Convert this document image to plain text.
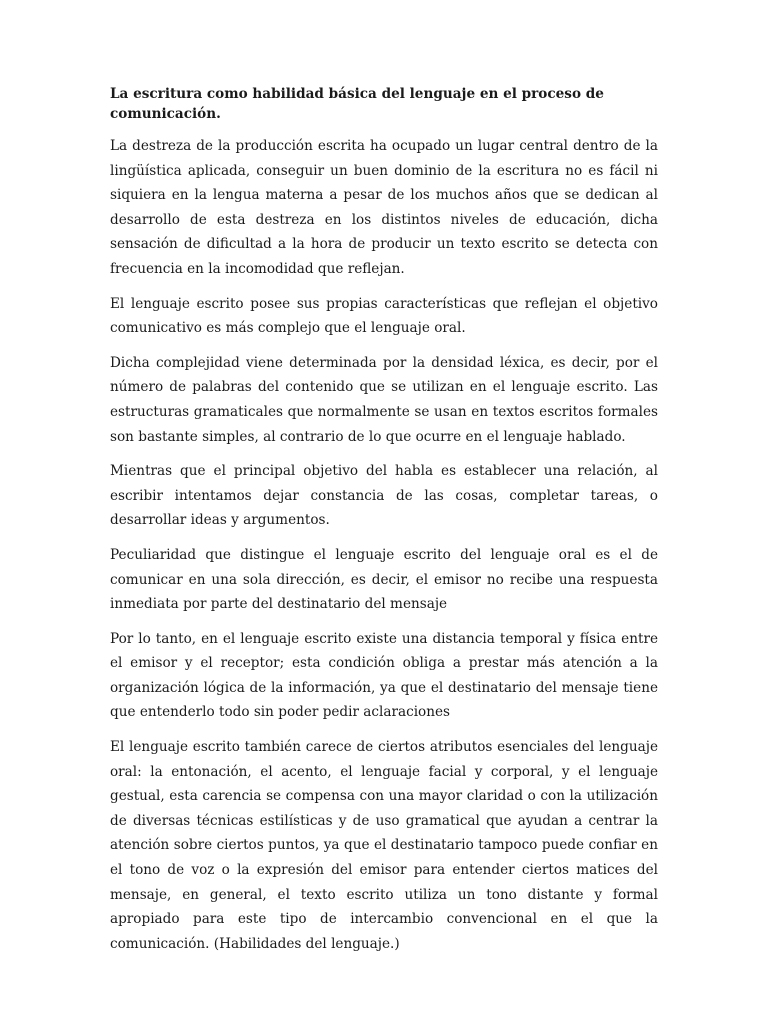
La escritura como habilidad básica del lenguaje en el proceso de comunicación.

La destreza de la producción escrita ha ocupado un lugar central dentro de la lingüística aplicada, conseguir un buen dominio de la escritura no es fácil ni siquiera en la lengua materna a pesar de los muchos años que se dedican al desarrollo de esta destreza en los distintos niveles de educación, dicha sensación de dificultad a la hora de producir un texto escrito se detecta con frecuencia en la incomodidad que reflejan.

El lenguaje escrito posee sus propias características que reflejan el objetivo comunicativo es más complejo que el lenguaje oral.

Dicha complejidad viene determinada por la densidad léxica, es decir, por el número de palabras del contenido que se utilizan en el lenguaje escrito. Las estructuras gramaticales que normalmente se usan en textos escritos formales son bastante simples, al contrario de lo que ocurre en el lenguaje hablado.

Mientras que el principal objetivo del habla es establecer una relación, al escribir intentamos dejar constancia de las cosas, completar tareas, o desarrollar ideas y argumentos.

Peculiaridad que distingue el lenguaje escrito del lenguaje oral es el de comunicar en una sola dirección, es decir, el emisor no recibe una respuesta inmediata por parte del destinatario del mensaje

Por lo tanto, en el lenguaje escrito existe una distancia temporal y física entre el emisor y el receptor; esta condición obliga a prestar más atención a la organización lógica de la información, ya que el destinatario del mensaje tiene que entenderlo todo sin poder pedir aclaraciones

El lenguaje escrito también carece de ciertos atributos esenciales del lenguaje oral: la entonación, el acento, el lenguaje facial y corporal, y el lenguaje gestual, esta carencia se compensa con una mayor claridad o con la utilización de diversas técnicas estilísticas y de uso gramatical que ayudan a centrar la atención sobre ciertos puntos, ya que el destinatario tampoco puede confiar en el tono de voz o la expresión del emisor para entender ciertos matices del mensaje, en general, el texto escrito utiliza un tono distante y formal apropiado para este tipo de intercambio convencional en el que la comunicación. (Habilidades del lenguaje.)
